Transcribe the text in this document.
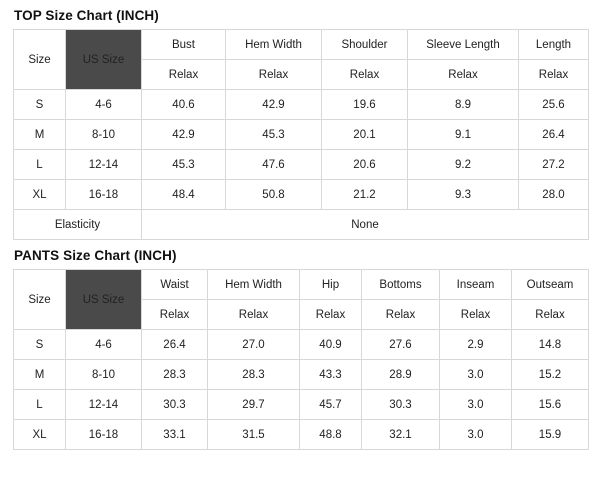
TOP Size Chart (INCH)
Size	US Size	Bust	Hem Width	Shoulder	Sleeve Length	Length
		Relax	Relax	Relax	Relax	Relax
S	4-6	40.6	42.9	19.6	8.9	25.6
M	8-10	42.9	45.3	20.1	9.1	26.4
L	12-14	45.3	47.6	20.6	9.2	27.2
XL	16-18	48.4	50.8	21.2	9.3	28.0
Elasticity		None				
PANTS Size Chart (INCH)
Size	US Size	Waist	Hem Width	Hip	Bottoms	Inseam	Outseam
		Relax	Relax	Relax	Relax	Relax	Relax
S	4-6	26.4	27.0	40.9	27.6	2.9	14.8
M	8-10	28.3	28.3	43.3	28.9	3.0	15.2
L	12-14	30.3	29.7	45.7	30.3	3.0	15.6
XL	16-18	33.1	31.5	48.8	32.1	3.0	15.9
